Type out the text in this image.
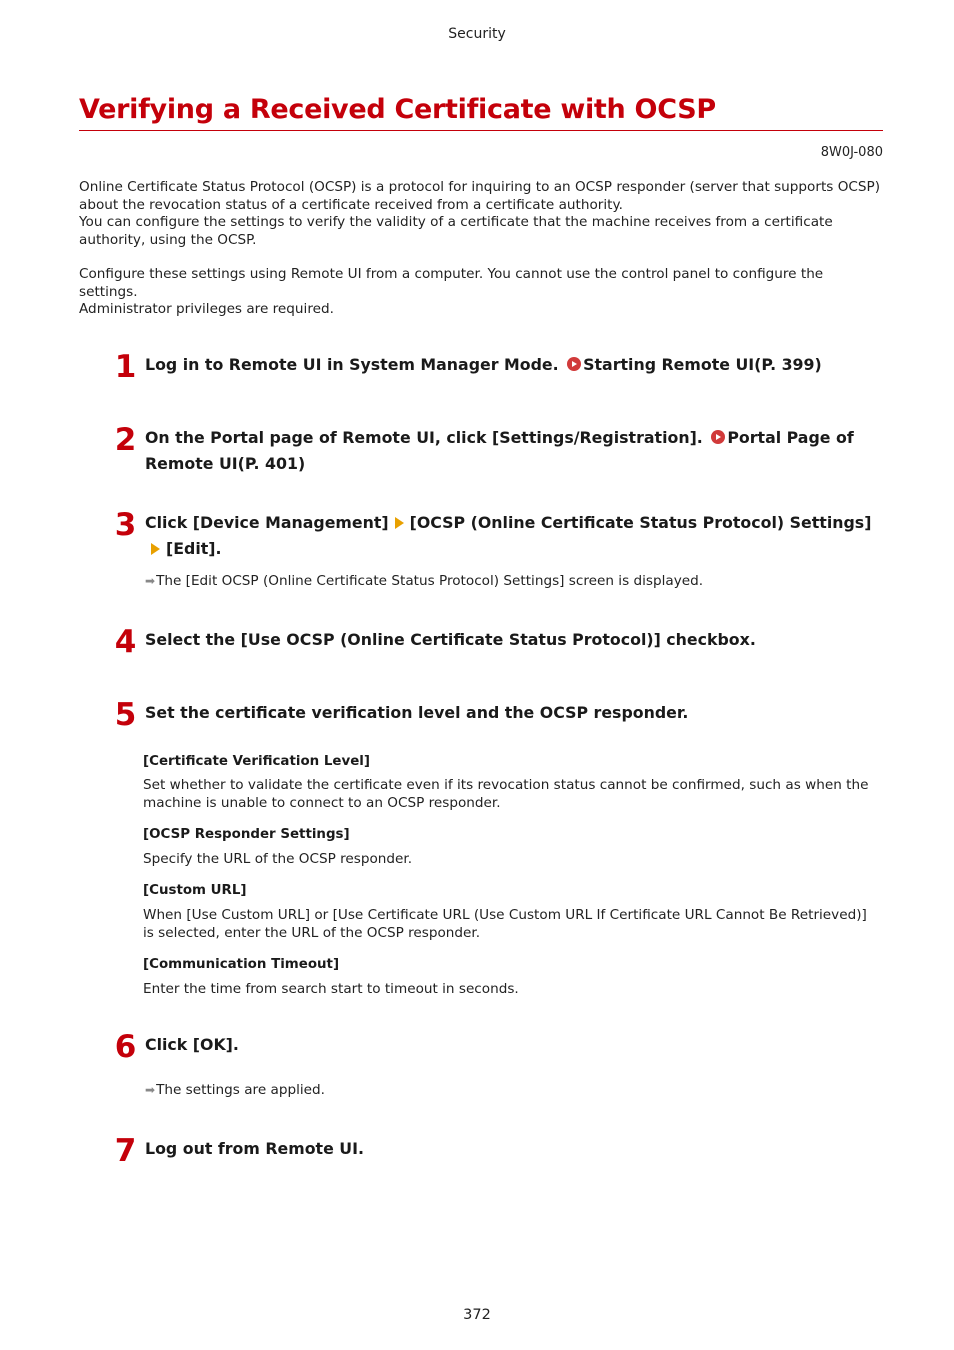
Security
Verifying a Received Certificate with OCSP
8W0J-080

Online Certificate Status Protocol (OCSP) is a protocol for inquiring to an OCSP responder (server that supports OCSP) about the revocation status of a certificate received from a certificate authority.

You can configure the settings to verify the validity of a certificate that the machine receives from a certificate authority, using the OCSP.

Configure these settings using Remote UI from a computer. You cannot use the control panel to configure the settings.

Administrator privileges are required.

1 Log in to Remote UI in System Manager Mode. Starting Remote UI(P. 399)
2 On the Portal page of Remote UI, click [Settings/Registration]. Portal Page of Remote UI(P. 401)
3 Click [Device Management] [OCSP (Online Certificate Status Protocol) Settings][Edit].
➡ The [Edit OCSP (Online Certificate Status Protocol) Settings] screen is displayed.
4 Select the [Use OCSP (Online Certificate Status Protocol)] checkbox.
5 Set the certificate verification level and the OCSP responder.
[Certificate Verification Level]
Set whether to validate the certificate even if its revocation status cannot be confirmed, such as when the machine is unable to connect to an OCSP responder.
[OCSP Responder Settings]
Specify the URL of the OCSP responder.
[Custom URL]
When [Use Custom URL] or [Use Certificate URL (Use Custom URL If Certificate URL Cannot Be Retrieved)] is selected, enter the URL of the OCSP responder.
[Communication Timeout]
Enter the time from search start to timeout in seconds.
6 Click [OK].
➡ The settings are applied.
7 Log out from Remote UI.
372
